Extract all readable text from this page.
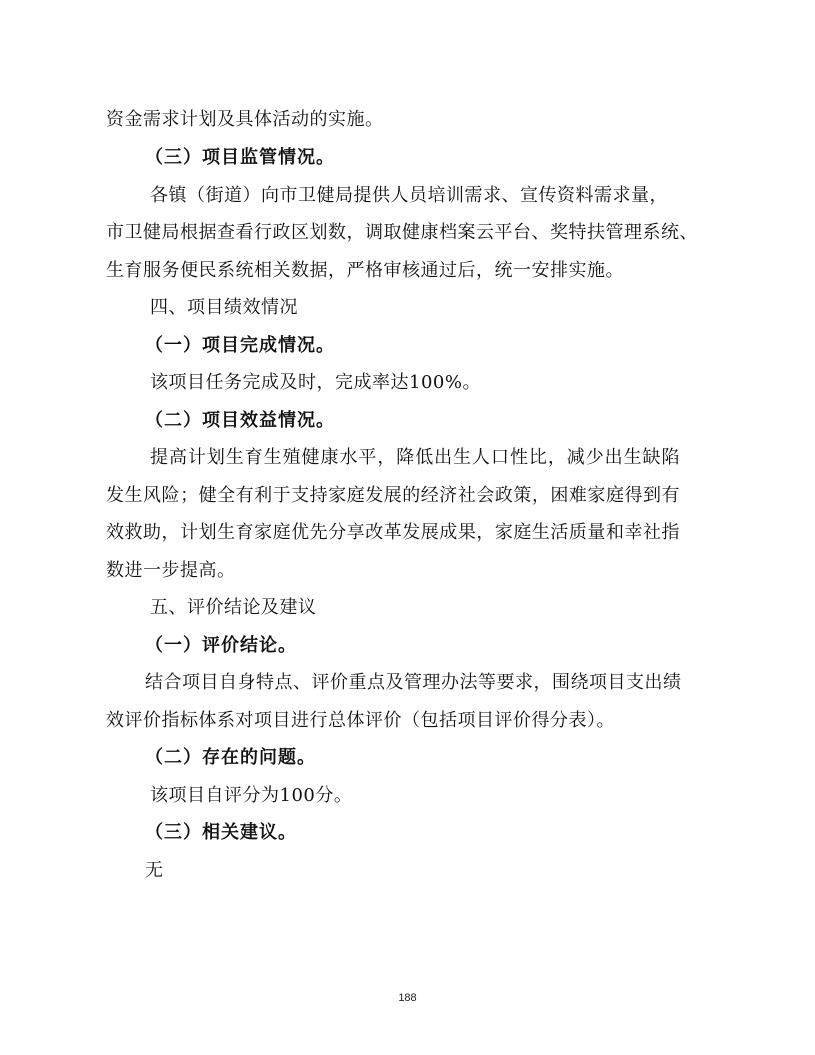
资金需求计划及具体活动的实施。
（三）项目监管情况。
各镇（街道）向市卫健局提供人员培训需求、宣传资料需求量，
市卫健局根据查看行政区划数，调取健康档案云平台、奖特扶管理系统、
生育服务便民系统相关数据，严格审核通过后，统一安排实施。
四、项目绩效情况
（一）项目完成情况。
该项目任务完成及时，完成率达100%。
（二）项目效益情况。
提高计划生育生殖健康水平，降低出生人口性比，减少出生缺陷
发生风险；健全有利于支持家庭发展的经济社会政策，困难家庭得到有
效救助，计划生育家庭优先分享改革发展成果，家庭生活质量和幸社指
数进一步提高。
五、评价结论及建议
（一）评价结论。
结合项目自身特点、评价重点及管理办法等要求，围绕项目支出绩
效评价指标体系对项目进行总体评价（包括项目评价得分表）。
（二）存在的问题。
该项目自评分为100分。
（三）相关建议。
无
188
